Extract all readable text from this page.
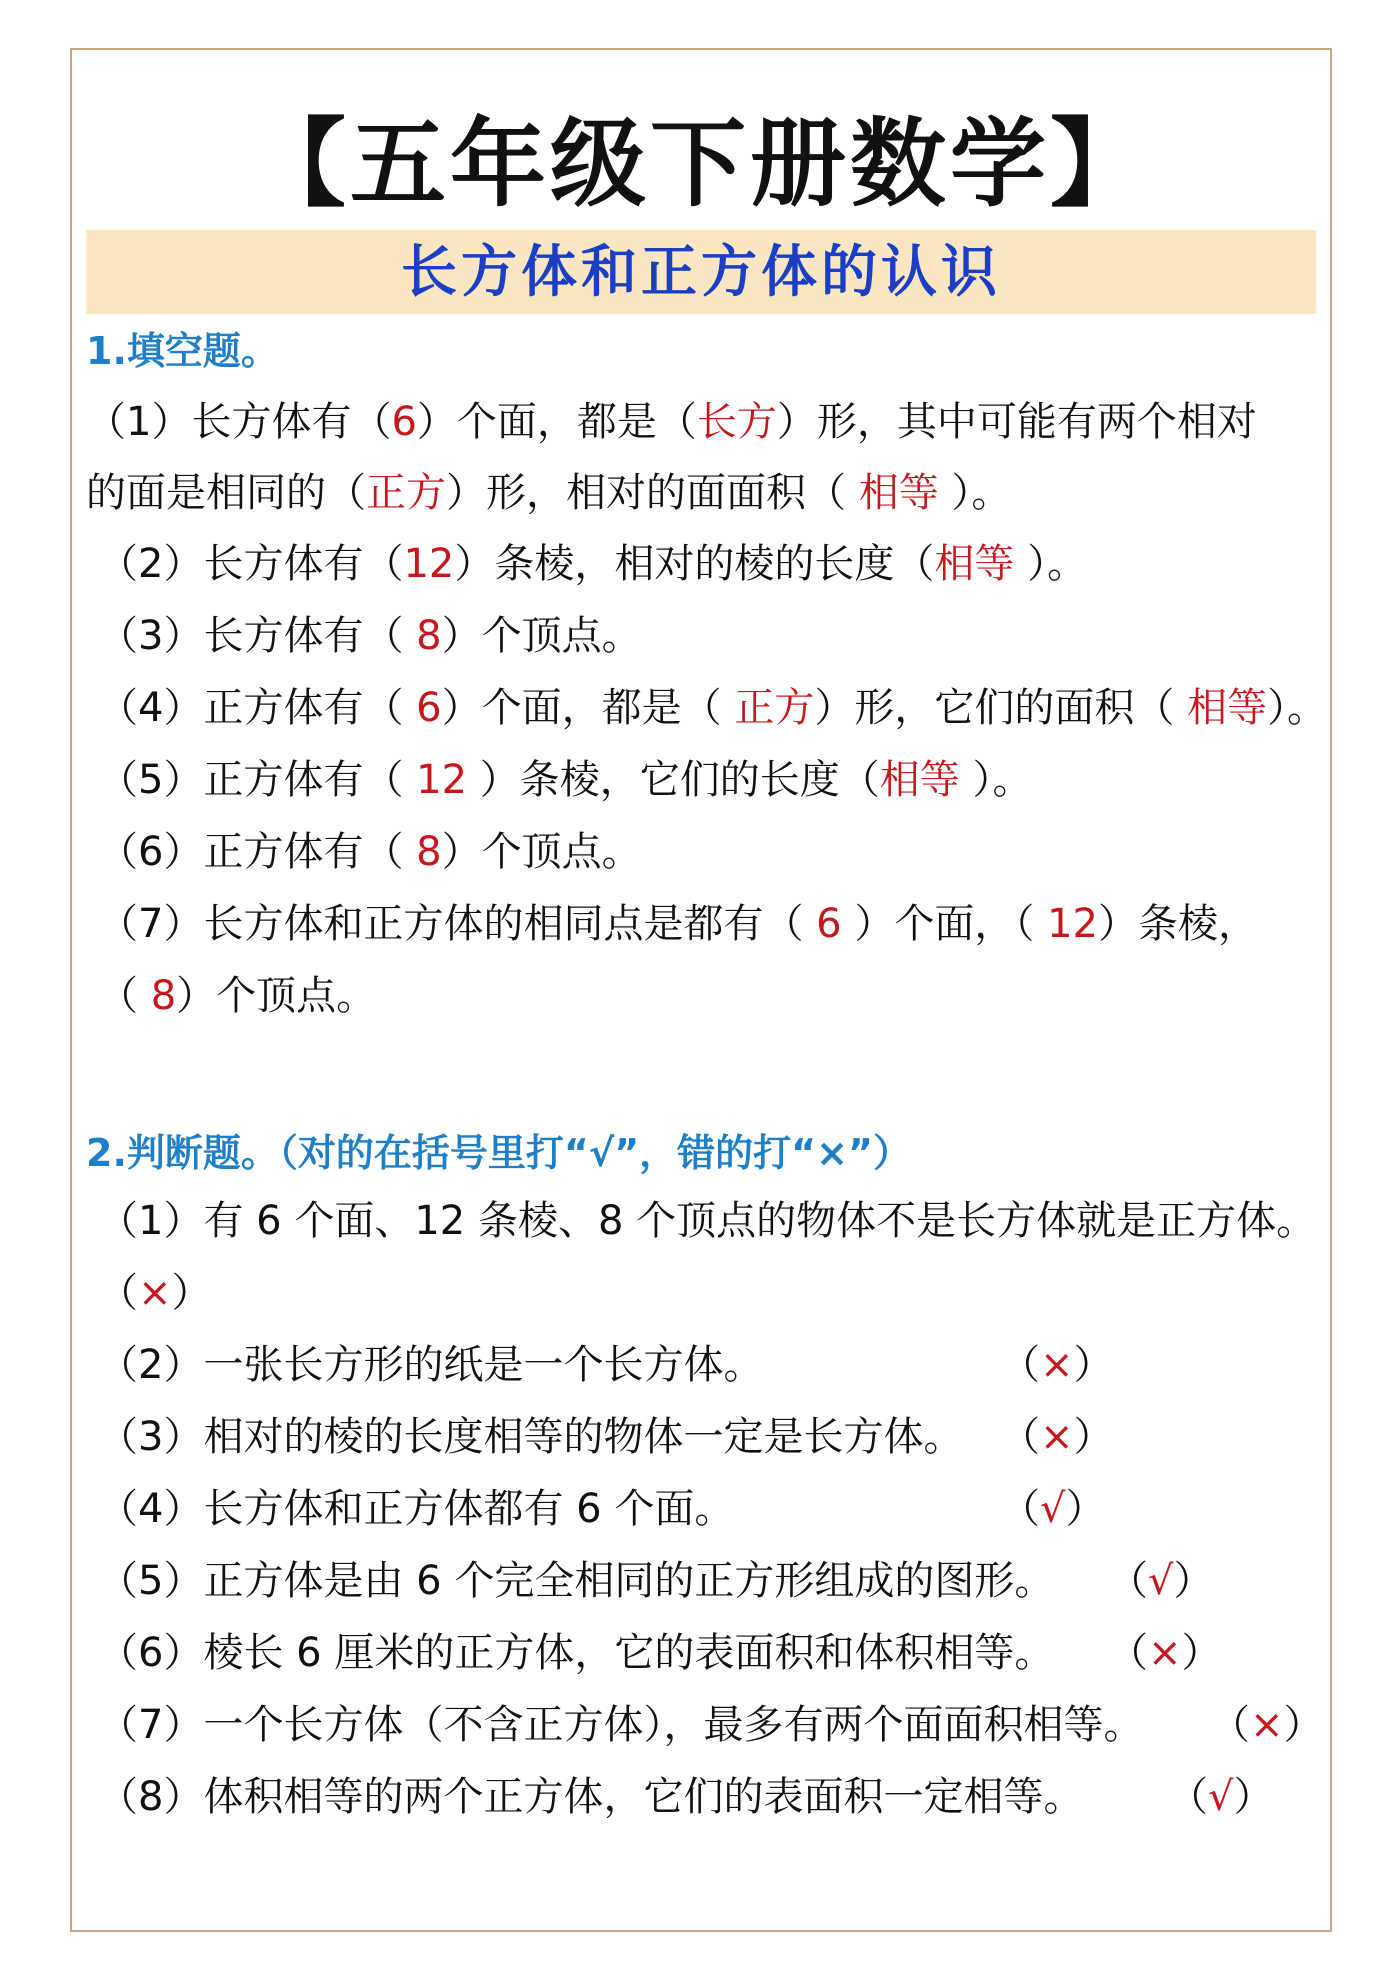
【五年级下册数学】
长方体和正方体的认识
1.填空题。
（1）长方体有（6）个面，都是（长方）形，其中可能有两个相对
的面是相同的（正方）形，相对的面面积（ 相等 ）。
（2）长方体有（12）条棱，相对的棱的长度（相等 ）。
（3）长方体有（ 8）个顶点。
（4）正方体有（ 6）个面，都是（ 正方）形，它们的面积（ 相等）。
（5）正方体有（ 12 ）条棱，它们的长度（相等 ）。
（6）正方体有（ 8）个顶点。
（7）长方体和正方体的相同点是都有（ 6 ）个面，（ 12）条棱，
（ 8）个顶点。
2.判断题。（对的在括号里打“√”，错的打“×”）
（1）有 6 个面、12 条棱、8 个顶点的物体不是长方体就是正方体。
（×）
（2）一张长方形的纸是一个长方体。	（×）
（3）相对的棱的长度相等的物体一定是长方体。 （×）
（4）长方体和正方体都有 6 个面。	（√）
（5）正方体是由 6 个完全相同的正方形组成的图形。 （√）
（6）棱长 6 厘米的正方体，它的表面积和体积相等。 （×）
（7）一个长方体（不含正方体），最多有两个面面积相等。 （×）
（8）体积相等的两个正方体，它们的表面积一定相等。 （√）
